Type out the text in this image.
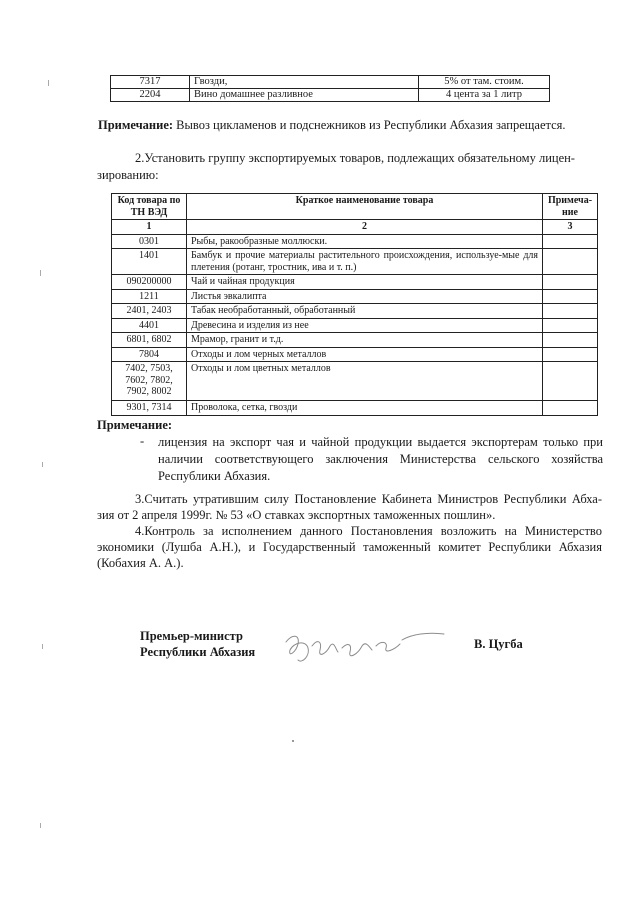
7317	Гвозди,	5% от там. стоим.
2204	Вино домашнее разливное	4 цента за 1 литр
Примечание: Вывоз цикламенов и подснежников из Республики Абхазия запрещается.
2.Установить группу экспортируемых товаров, подлежащих обязательному лицен-
зированию:
Код товара по ТН ВЭД	Краткое наименование товара	Примеча-ние
1	2	3
0301	Рыбы, ракообразные моллюски.	
1401	Бамбук и прочие материалы растительного происхождения, используе-мые для плетения (ротанг, тростник, ива и т. п.)	
090200000	Чай и чайная продукция	
1211	Листья эвкалипта	
2401, 2403	Табак необработанный, обработанный	
4401	Древесина и изделия из нее	
6801, 6802	Мрамор, гранит и т.д.	
7804	Отходы и лом черных металлов	
7402, 7503, 7602, 7802, 7902, 8002	Отходы и лом цветных металлов	
9301, 7314	Проволока, сетка, гвозди	
Примечание:
- лицензия на экспорт чая и чайной продукции выдается экспортерам только при наличии соответствующего заключения Министерства сельского хозяйства Республики Абхазия.

3.Считать утратившим силу Постановление Кабинета Министров Республики Абха-зия от 2 апреля 1999г. № 53 «О ставках экспортных таможенных пошлин».

4.Контроль за исполнением данного Постановления возложить на Министерство экономики (Лушба А.Н.), и Государственный таможенный комитет Республики Абхазия (Кобахия А. А.).

Премьер-министр
Республики Абхазия
В. Цугба
